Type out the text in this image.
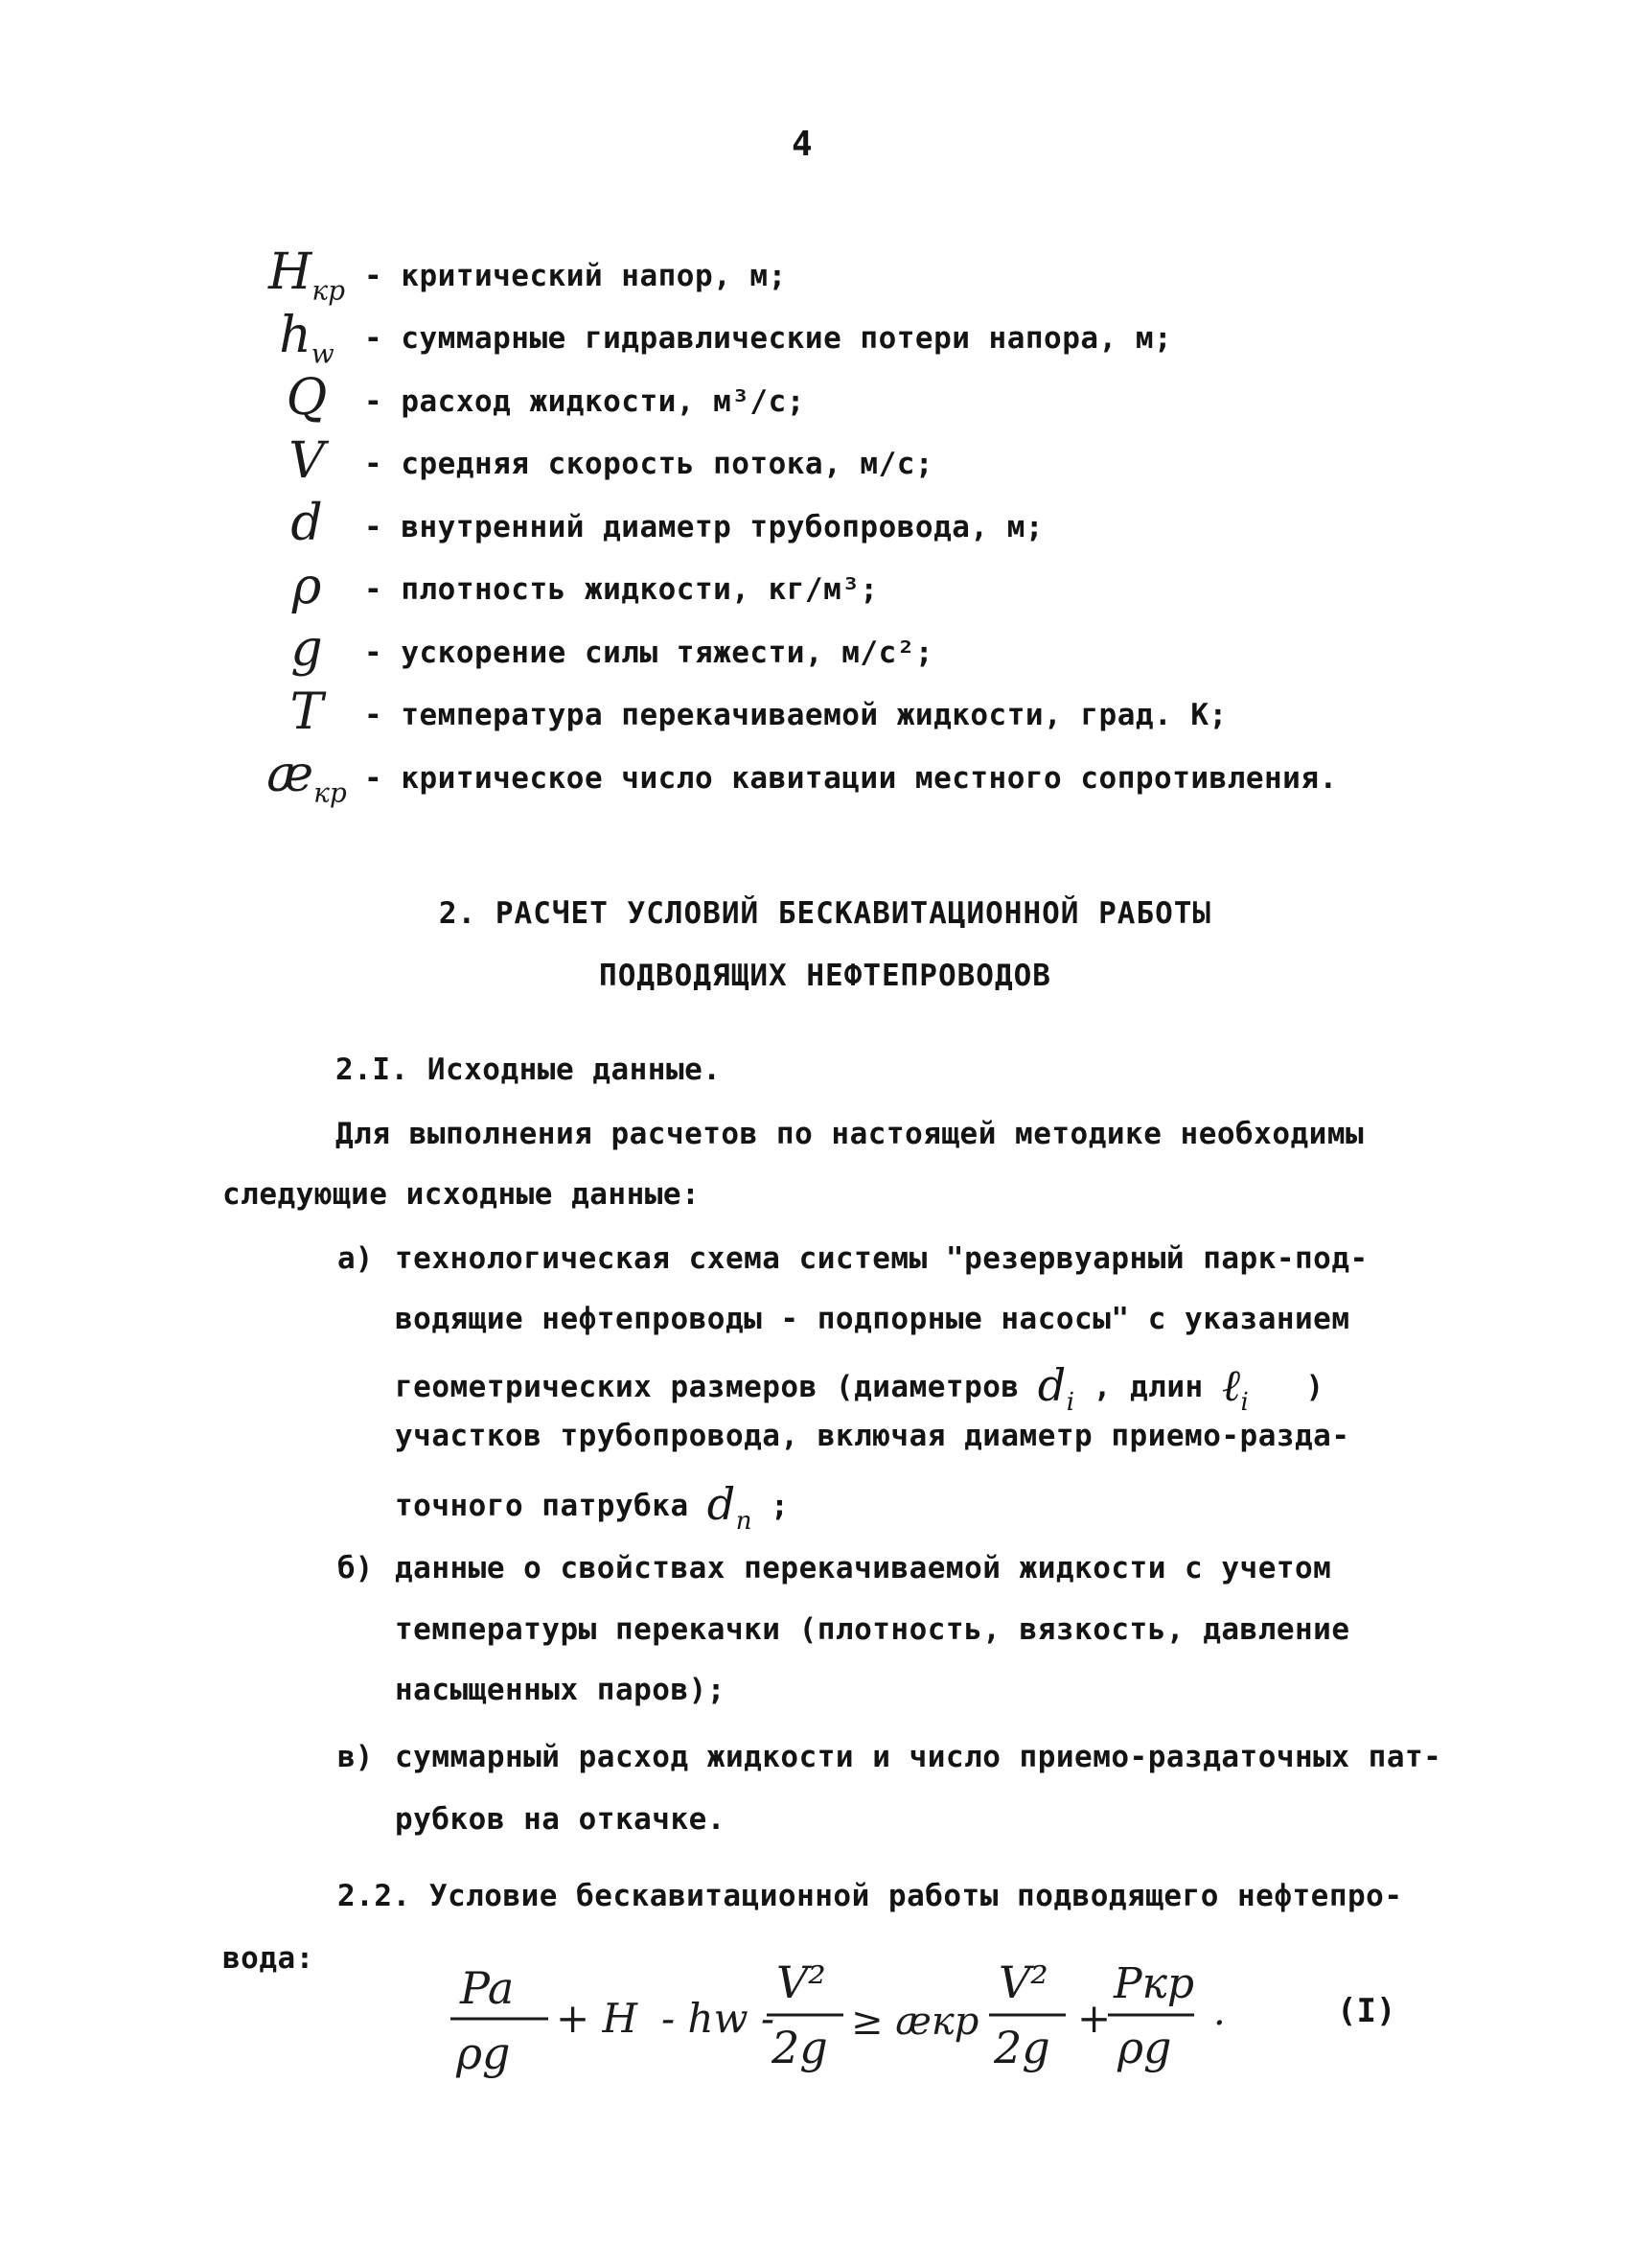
4
$H_{кр}$ - критический напор, м;
$h_w$	- суммарные гидравлические потери напора, м;
Q	- расход жидкости, м³/с;
V	- средняя скорость потока, м/с;
d	- внутренний диаметр трубопровода, м;
ρ	- плотность жидкости, кг/м³;
g	- ускорение силы тяжести, м/с²;
T	- температура перекачиваемой жидкости, град. К;
$æ_{кр}$ - критическое число кавитации местного сопротивления.
2. РАСЧЕТ УСЛОВИЙ БЕСКАВИТАЦИОННОЙ РАБОТЫ
ПОДВОДЯЩИХ НЕФТЕПРОВОДОВ
2.I. Исходные данные.
Для выполнения расчетов по настоящей методике необходимы
следующие исходные данные:
а) технологическая схема системы "резервуарный парк-под-
водящие нефтепроводы - подпорные насосы" с указанием
геометрических размеров (диаметров $d_i$ , длин ℓ$_i$ )
участков трубопровода, включая диаметр приемо-разда-
точного патрубка $d_п$ ;
б) данные о свойствах перекачиваемой жидкости с учетом
температуры перекачки (плотность, вязкость, давление
насыщенных паров);
в) суммарный расход жидкости и число приемо-раздаточных пат-
рубков на откачке.
2.2. Условие бескавитационной работы подводящего нефтепро-
вода:
Pa
ρg
+ H - hw -
V²
2g ≥ æкр
V²
2g
+
Pкр
ρg
.	(I)
